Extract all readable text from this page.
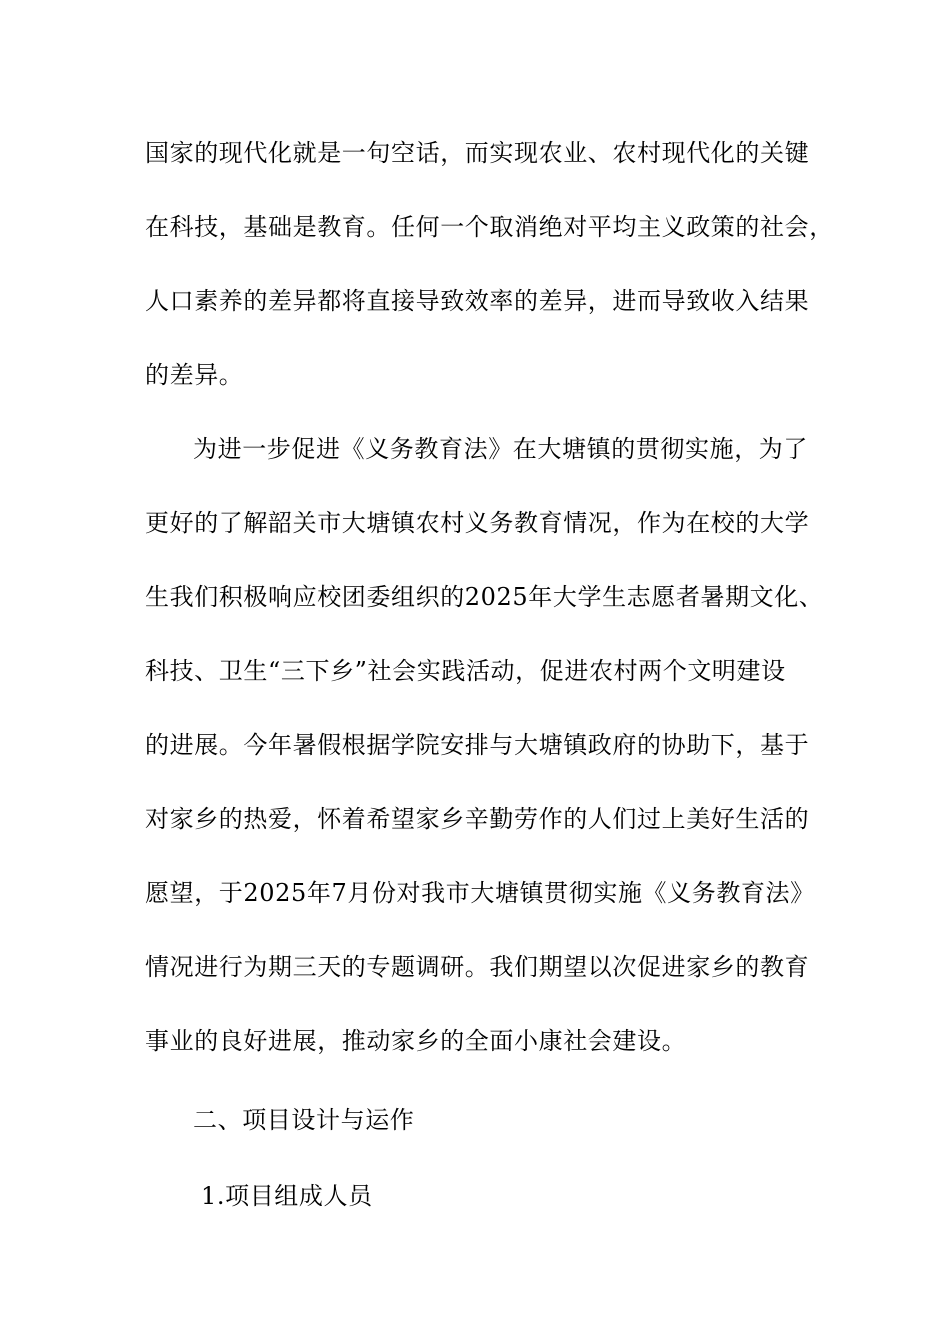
国家的现代化就是一句空话，而实现农业、农村现代化的关键
在科技，基础是教育。任何一个取消绝对平均主义政策的社会，
人口素养的差异都将直接导致效率的差异，进而导致收入结果
的差异。
为进一步促进《义务教育法》在大塘镇的贯彻实施，为了
更好的了解韶关市大塘镇农村义务教育情况，作为在校的大学
生我们积极响应校团委组织的2025年大学生志愿者暑期文化、
科技、卫生“三下乡”社会实践活动，促进农村两个文明建设
的进展。今年暑假根据学院安排与大塘镇政府的协助下，基于
对家乡的热爱，怀着希望家乡辛勤劳作的人们过上美好生活的
愿望，于2025年7月份对我市大塘镇贯彻实施《义务教育法》
情况进行为期三天的专题调研。我们期望以次促进家乡的教育
事业的良好进展，推动家乡的全面小康社会建设。
二、项目设计与运作
1.项目组成人员
